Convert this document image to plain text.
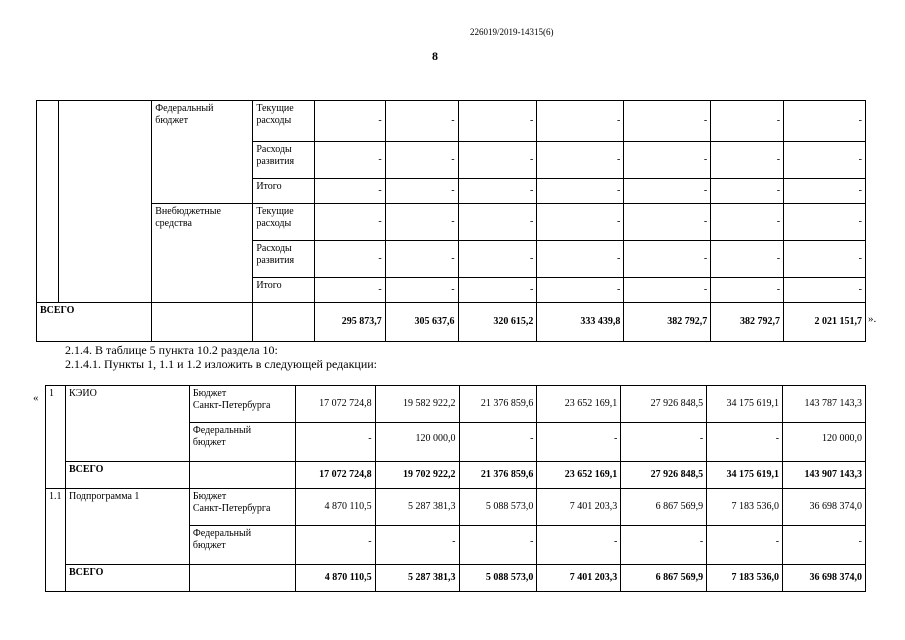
226019/2019-14315(6)
8
		Федеральный
бюджет	Текущие
расходы	-	-	-	-	-	-	-
			Расходы
развития	-	-	-	-	-	-	-
			Итого	-	-	-	-	-	-	-
		Внебюджетные
средства	Текущие
расходы	-	-	-	-	-	-	-
			Расходы
развития	-	-	-	-	-	-	-
			Итого	-	-	-	-	-	-	-
ВСЕГО				295 873,7	305 637,6	320 615,2	333 439,8	382 792,7	382 792,7	2 021 151,7 ».
2.1.4. В таблице 5 пункта 10.2 раздела 10:
2.1.4.1. Пункты 1, 1.1 и 1.2 изложить в следующей редакции:
« 1	КЭИО	Бюджет
Санкт-Петербурга	17 072 724,8	19 582 922,2	21 376 859,6	23 652 169,1	27 926 848,5	34 175 619,1	143 787 143,3
		Федеральный
бюджет	-	120 000,0	-	-	-	-	120 000,0
	ВСЕГО		17 072 724,8	19 702 922,2	21 376 859,6	23 652 169,1	27 926 848,5	34 175 619,1	143 907 143,3
1.1	Подпрограмма 1	Бюджет
Санкт-Петербурга	4 870 110,5	5 287 381,3	5 088 573,0	7 401 203,3	6 867 569,9	7 183 536,0	36 698 374,0
		Федеральный
бюджет	-	-	-	-	-	-	-
	ВСЕГО		4 870 110,5	5 287 381,3	5 088 573,0	7 401 203,3	6 867 569,9	7 183 536,0	36 698 374,0
